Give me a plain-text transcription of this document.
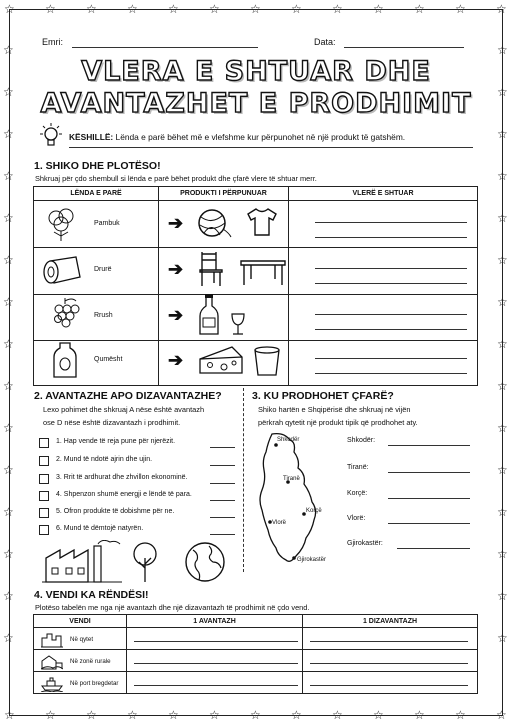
☆
☆
☆
☆
☆
☆
☆
☆
☆
☆
☆
☆
☆
☆
☆
☆
☆
☆
☆
☆
☆
☆
☆
☆
☆
☆
☆	☆
☆	☆
☆	☆
☆	☆
☆	☆
☆	☆
☆	☆
☆	☆
☆	☆
☆	☆
☆	☆
☆	☆
☆	☆
☆	☆
☆	☆
Emri:	Data:
VLERA E SHTUAR DHE
AVANTAZHET E PRODHIMIT
KËSHILLË: Lënda e parë bëhet më e vlefshme kur përpunohet në një produkt të gatshëm.
1. SHIKO DHE PLOTËSO!
Shkruaj për çdo shembull si lënda e parë bëhet produkt dhe çfarë vlere të shtuar merr.
LËNDA E PARË	PRODUKTI I PËRPUNUAR	VLERË E SHTUAR

Pambuk	➔
Drurë	➔
Rrush	➔
Qumësht	➔
2. AVANTAZHE APO DIZAVANTAZHE?
Lexo pohimet dhe shkruaj A nëse është avantazh
ose D nëse është dizavantazh i prodhimit.
1. Hap vende të reja pune për njerëzit.
2. Mund të ndotë ajrin dhe ujin.
3. Rrit të ardhurat dhe zhvillon ekonominë.
4. Shpenzon shumë energji e lëndë të para.
5. Ofron produkte të dobishme për ne.
6. Mund të dëmtojë natyrën.
3. KU PRODHOHET ÇFARË?
Shiko hartën e Shqipërisë dhe shkruaj në vijën
përkrah qytetit një produkt tipik që prodhohet aty.
Shkodër
Tiranë
Korçë
Vlorë
Gjirokastër
Shkodër:
Tiranë:
Korçë:
Vlorë:
Gjirokastër:
4. VENDI KA RËNDËSI!
Plotëso tabelën me nga një avantazh dhe një dizavantazh të prodhimit në çdo vend.
VENDI	1 AVANTAZH	1 DIZAVANTAZH

Në qytet
Në zonë rurale
Në port bregdetar
